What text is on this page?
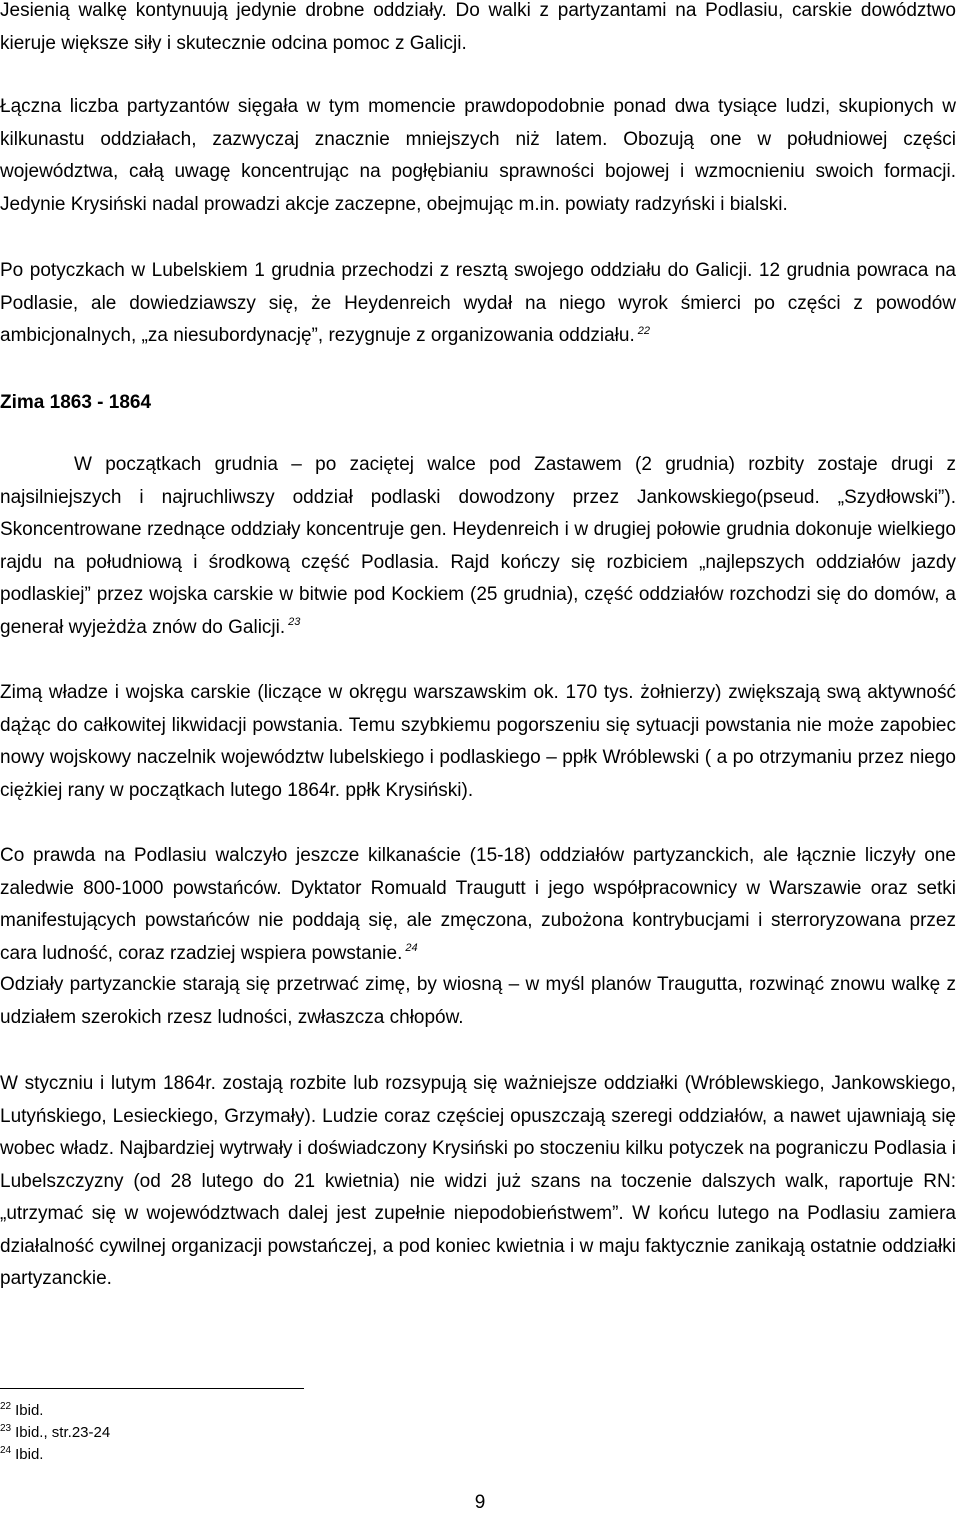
Jesienią walkę kontynuują jedynie drobne oddziały. Do walki z partyzantami na Podlasiu, carskie dowództwo kieruje większe siły i skutecznie odcina pomoc z Galicji.

Łączna liczba partyzantów sięgała w tym momencie prawdopodobnie ponad dwa tysiące ludzi, skupionych w kilkunastu oddziałach, zazwyczaj znacznie mniejszych niż latem. Obozują one w południowej części województwa, całą uwagę koncentrując na pogłębianiu sprawności bojowej i wzmocnieniu swoich formacji. Jedynie Krysiński nadal prowadzi akcje zaczepne, obejmując m.in. powiaty radzyński i bialski.

Po potyczkach w Lubelskiem 1 grudnia przechodzi z resztą swojego oddziału do Galicji. 12 grudnia powraca na Podlasie, ale dowiedziawszy się, że Heydenreich wydał na niego wyrok śmierci po części z powodów ambicjonalnych, „za niesubordynację”, rezygnuje z organizowania oddziału. $^{22}$

Zima 1863 - 1864

W początkach grudnia – po zaciętej walce pod Zastawem (2 grudnia) rozbity zostaje drugi z najsilniejszych i najruchliwszy oddział podlaski dowodzony przez Jankowskiego(pseud. „Szydłowski”). Skoncentrowane rzednące oddziały koncentruje gen. Heydenreich i w drugiej połowie grudnia dokonuje wielkiego rajdu na południową i środkową część Podlasia. Rajd kończy się rozbiciem „najlepszych oddziałów jazdy podlaskiej” przez wojska carskie w bitwie pod Kockiem (25 grudnia), część oddziałów rozchodzi się do domów, a generał wyjeżdża znów do Galicji. $^{23}$

Zimą władze i wojska carskie (liczące w okręgu warszawskim ok. 170 tys. żołnierzy) zwiększają swą aktywność dążąc do całkowitej likwidacji powstania. Temu szybkiemu pogorszeniu się sytuacji powstania nie może zapobiec nowy wojskowy naczelnik województw lubelskiego i podlaskiego – ppłk Wróblewski ( a po otrzymaniu przez niego ciężkiej rany w początkach lutego 1864r. ppłk Krysiński).

Co prawda na Podlasiu walczyło jeszcze kilkanaście (15-18) oddziałów partyzanckich, ale łącznie liczyły one zaledwie 800-1000 powstańców. Dyktator Romuald Traugutt i jego współpracownicy w Warszawie oraz setki manifestujących powstańców nie poddają się, ale zmęczona, zubożona kontrybucjami i sterroryzowana przez cara ludność, coraz rzadziej wspiera powstanie. $^{24}$

Odziały partyzanckie starają się przetrwać zimę, by wiosną – w myśl planów Traugutta, rozwinąć znowu walkę z udziałem szerokich rzesz ludności, zwłaszcza chłopów.

W styczniu i lutym 1864r. zostają rozbite lub rozsypują się ważniejsze oddziałki (Wróblewskiego, Jankowskiego, Lutyńskiego, Lesieckiego, Grzymały). Ludzie coraz częściej opuszczają szeregi oddziałów, a nawet ujawniają się wobec władz. Najbardziej wytrwały i doświadczony Krysiński po stoczeniu kilku potyczek na pograniczu Podlasia i Lubelszczyzny (od 28 lutego do 21 kwietnia) nie widzi już szans na toczenie dalszych walk, raportuje RN: „utrzymać się w województwach dalej jest zupełnie niepodobieństwem”. W końcu lutego na Podlasiu zamiera działalność cywilnej organizacji powstańczej, a pod koniec kwietnia i w maju faktycznie zanikają ostatnie oddziałki partyzanckie.

$^{22}$ Ibid.
$^{23}$ Ibid., str.23-24
$^{24}$ Ibid.
9
